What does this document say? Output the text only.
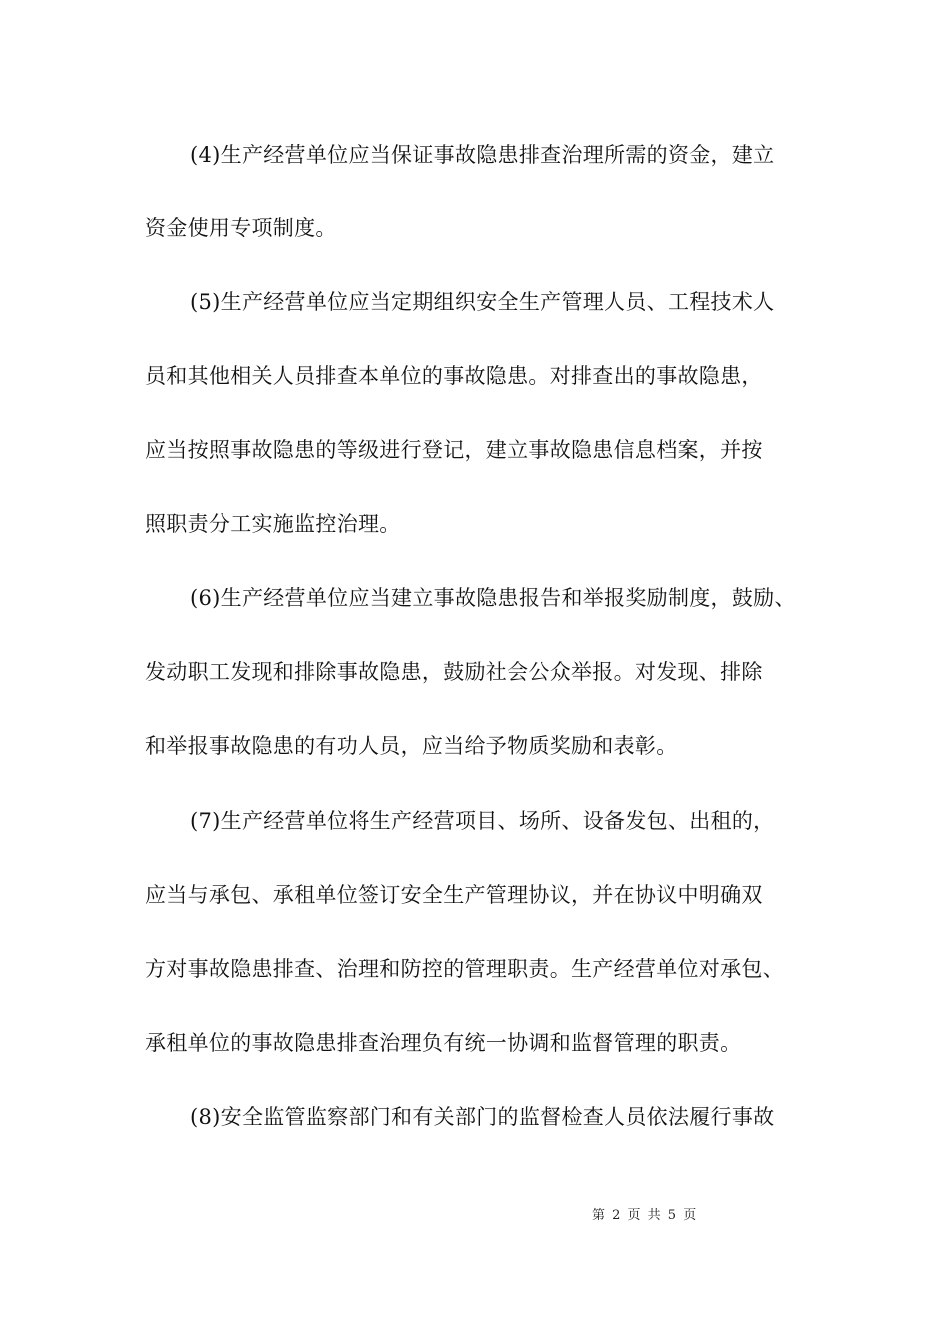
(4)生产经营单位应当保证事故隐患排查治理所需的资金，建立
资金使用专项制度。
(5)生产经营单位应当定期组织安全生产管理人员、工程技术人
员和其他相关人员排查本单位的事故隐患。对排查出的事故隐患，
应当按照事故隐患的等级进行登记，建立事故隐患信息档案，并按
照职责分工实施监控治理。
(6)生产经营单位应当建立事故隐患报告和举报奖励制度，鼓励、
发动职工发现和排除事故隐患，鼓励社会公众举报。对发现、排除
和举报事故隐患的有功人员，应当给予物质奖励和表彰。
(7)生产经营单位将生产经营项目、场所、设备发包、出租的，
应当与承包、承租单位签订安全生产管理协议，并在协议中明确双
方对事故隐患排查、治理和防控的管理职责。生产经营单位对承包、
承租单位的事故隐患排查治理负有统一协调和监督管理的职责。
(8)安全监管监察部门和有关部门的监督检查人员依法履行事故
第 2 页 共 5 页
